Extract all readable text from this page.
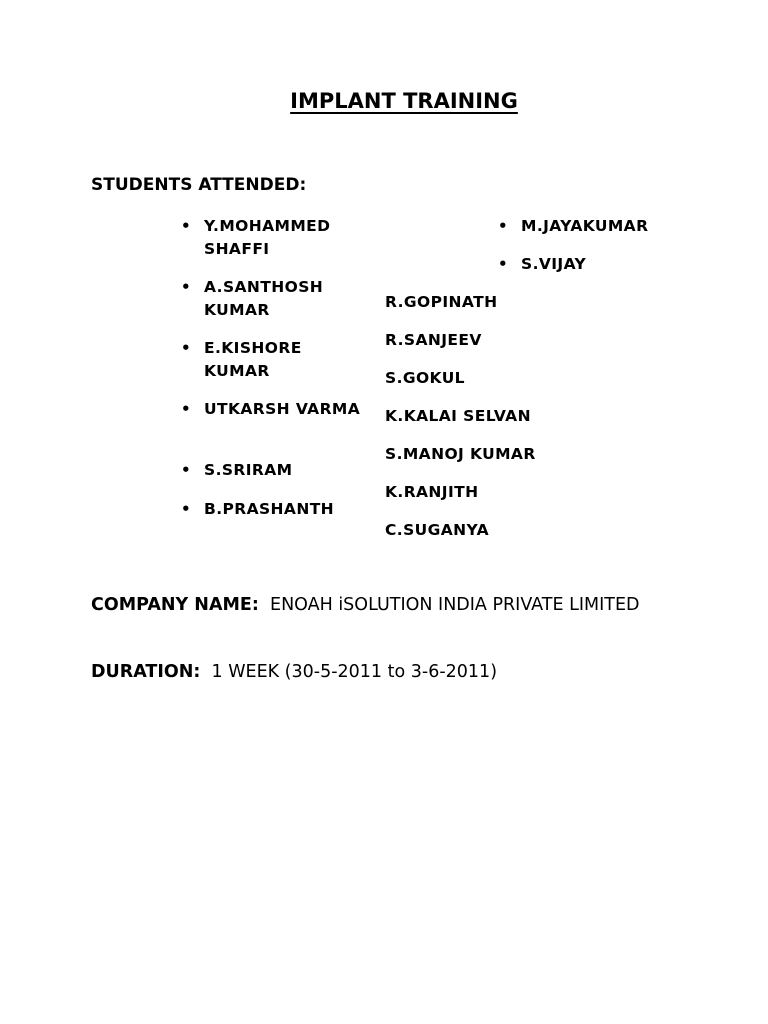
IMPLANT TRAINING
STUDENTS ATTENDED:
• Y.MOHAMMED SHAFFI
• A.SANTHOSH KUMAR
• E.KISHORE KUMAR
• UTKARSH VARMA
• S.SRIRAM
• B.PRASHANTH
• M.JAYAKUMAR
• S.VIJAY
R.GOPINATH
R.SANJEEV
S.GOKUL
K.KALAI SELVAN
S.MANOJ KUMAR
K.RANJITH
C.SUGANYA

COMPANY NAME: ENOAH iSOLUTION INDIA PRIVATE LIMITED

DURATION: 1 WEEK (30-5-2011 to 3-6-2011)
